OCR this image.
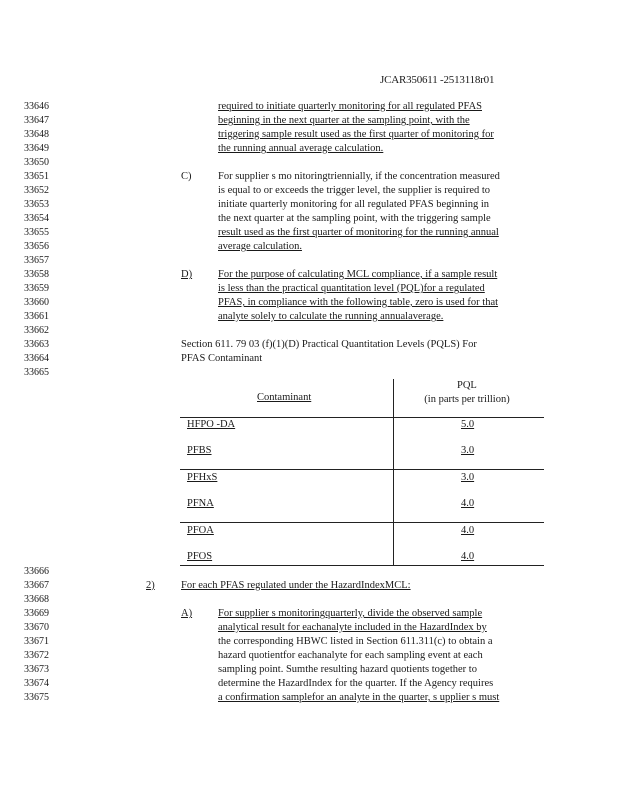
JCAR350611 -2513118r01
33646
33647
33648
33649
33650
33651
33652
33653
33654
33655
33656
33657
33658
33659
33660
33661
33662
33663
33664
33665
required to initiate quarterly monitoring for all regulated PFAS
beginning in the next quarter at the sampling point, with the
triggering sample result used as the first quarter of monitoring for
the running annual average calculation.
C)	For supplier s mo nitoringtriennially, if the concentration measured
is equal to or exceeds the trigger level, the supplier is required to
initiate quarterly monitoring for all regulated PFAS beginning in
the next quarter at the sampling point, with the triggering sample
result used as the first quarter of monitoring for the running annual
average calculation.
D) For the purpose of calculating MCL compliance, if a sample result
is less than the practical quantitation level (PQL)for a regulated
PFAS, in compliance with the following table, zero is used for that
analyte solely to calculate the running annualaverage.
Section 611. 79 03 (f)(1)(D) Practical Quantitation Levels (PQLS) For
PFAS Contaminant
Contaminant
PQL
(in parts per trillion)
HFPO -DA	5.0
PFBS	3.0
PFHxS	3.0
PFNA	4.0
PFOA	4.0
PFOS	4.0
33666
33667
33668
33669
33670
33671
33672
33673
33674
33675
2)	For each PFAS regulated under the HazardIndexMCL:
A) For supplier s monitoringquarterly, divide the observed sample
analytical result for eachanalyte included in the HazardIndex by
the corresponding HBWC listed in Section 611.311(c) to obtain a
hazard quotientfor eachanalyte for each sampling event at each
sampling point. Sumthe resulting hazard quotients together to
determine the HazardIndex for the quarter. If the Agency requires
a confirmation samplefor an analyte in the quarter, s upplier s must
